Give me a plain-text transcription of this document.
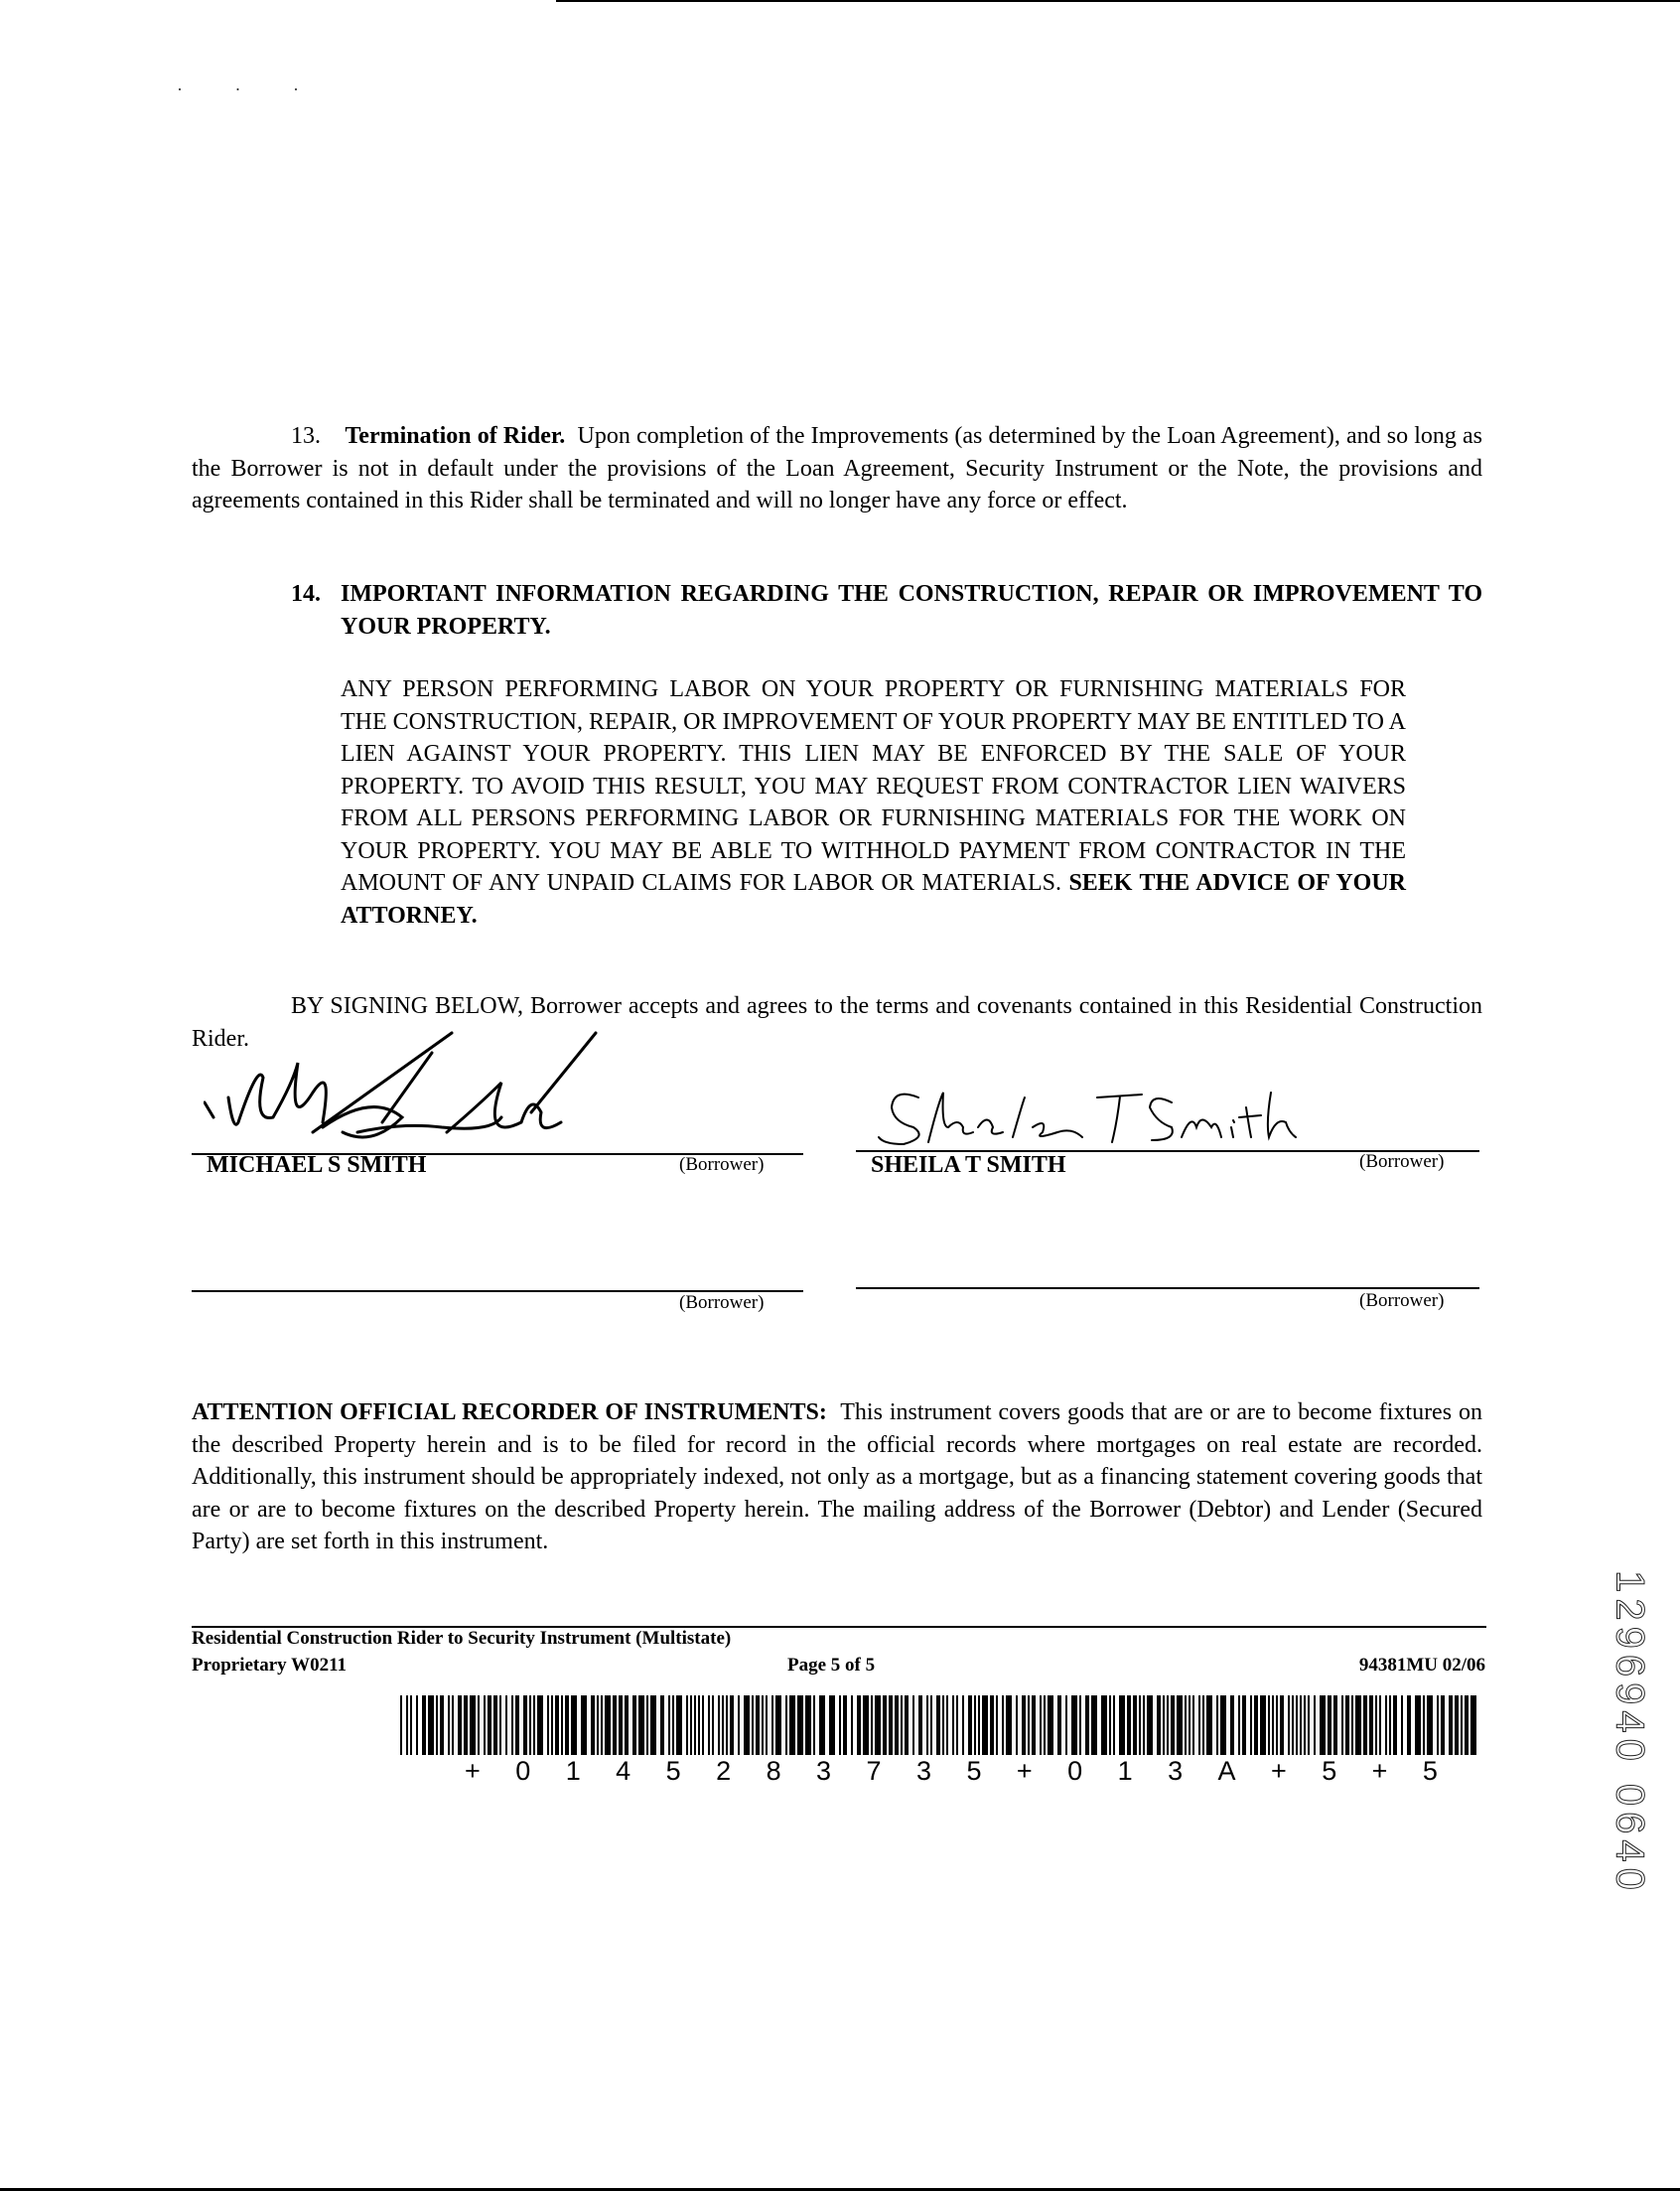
· · ·
13. Termination of Rider. Upon completion of the Improvements (as determined by the Loan Agreement), and so long as the Borrower is not in default under the provisions of the Loan Agreement, Security Instrument or the Note, the provisions and agreements contained in this Rider shall be terminated and will no longer have any force or effect.
14. IMPORTANT INFORMATION REGARDING THE CONSTRUCTION, REPAIR OR IMPROVEMENT TO YOUR PROPERTY.
ANY PERSON PERFORMING LABOR ON YOUR PROPERTY OR FURNISHING MATERIALS FOR THE CONSTRUCTION, REPAIR, OR IMPROVEMENT OF YOUR PROPERTY MAY BE ENTITLED TO A LIEN AGAINST YOUR PROPERTY. THIS LIEN MAY BE ENFORCED BY THE SALE OF YOUR PROPERTY. TO AVOID THIS RESULT, YOU MAY REQUEST FROM CONTRACTOR LIEN WAIVERS FROM ALL PERSONS PERFORMING LABOR OR FURNISHING MATERIALS FOR THE WORK ON YOUR PROPERTY. YOU MAY BE ABLE TO WITHHOLD PAYMENT FROM CONTRACTOR IN THE AMOUNT OF ANY UNPAID CLAIMS FOR LABOR OR MATERIALS. SEEK THE ADVICE OF YOUR ATTORNEY.
BY SIGNING BELOW, Borrower accepts and agrees to the terms and covenants contained in this Residential Construction Rider.
MICHAEL S SMITH	(Borrower)	SHEILA T SMITH	(Borrower)
(Borrower)	(Borrower)
ATTENTION OFFICIAL RECORDER OF INSTRUMENTS: This instrument covers goods that are or are to become fixtures on the described Property herein and is to be filed for record in the official records where mortgages on real estate are recorded. Additionally, this instrument should be appropriately indexed, not only as a mortgage, but as a financing statement covering goods that are or are to become fixtures on the described Property herein. The mailing address of the Borrower (Debtor) and Lender (Secured Party) are set forth in this instrument.
Residential Construction Rider to Security Instrument (Multistate)
Proprietary W0211	Page 5 of 5	94381MU 02/06
+ 0 1 4 5 2 8 3 7 3 5 + 0 1 3 A + 5 + 5	1296940 0640
